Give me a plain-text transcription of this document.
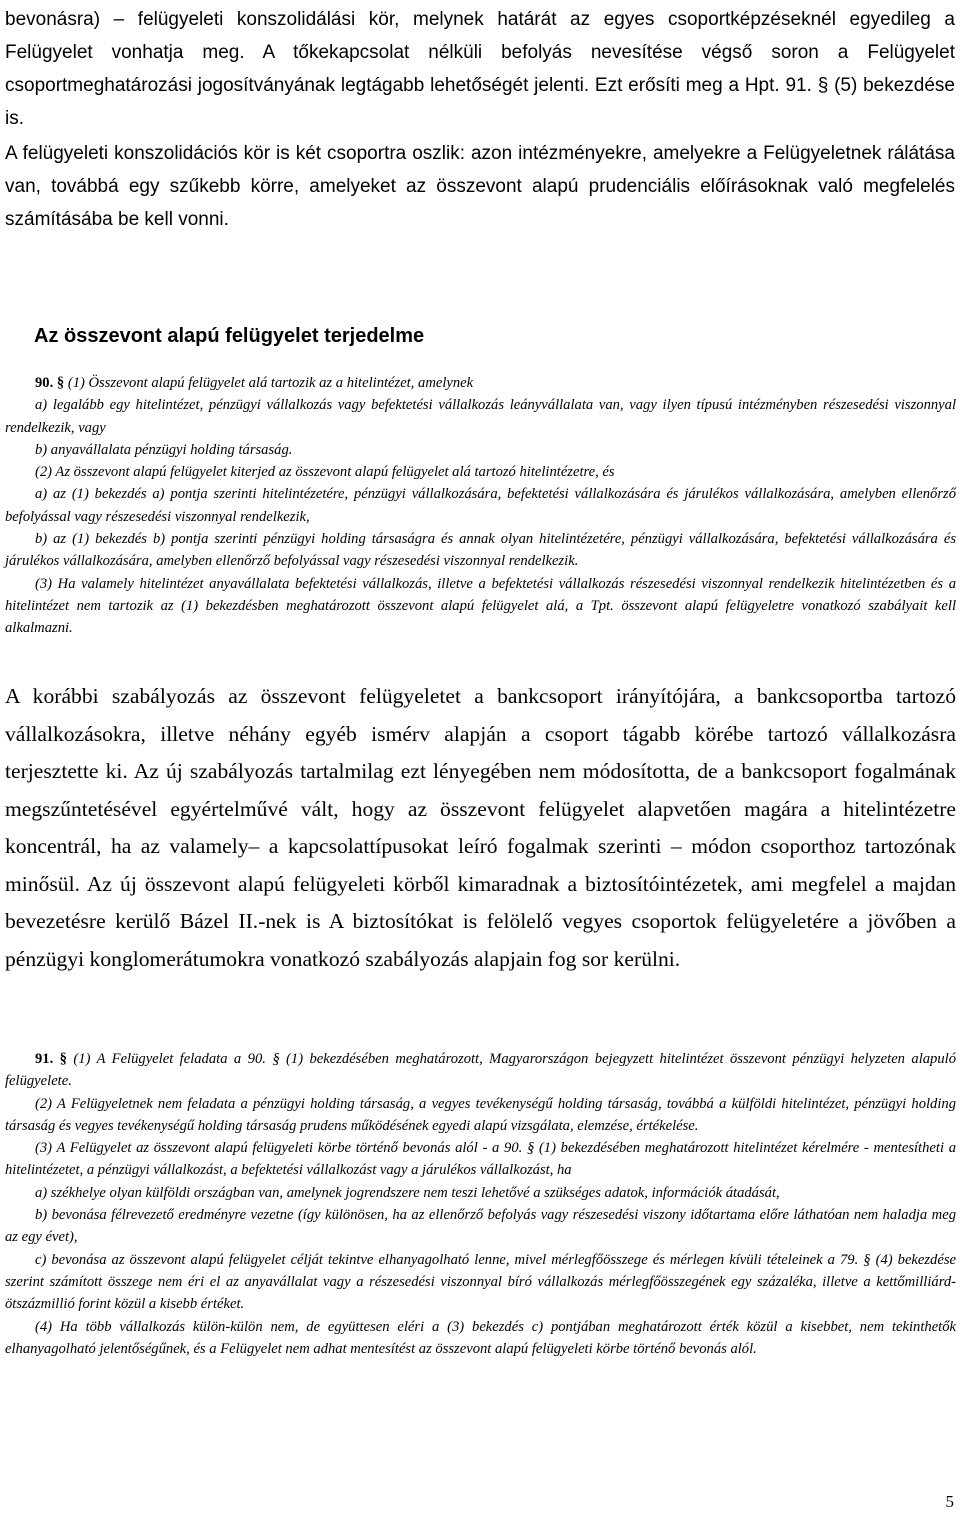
bevonásra) – felügyeleti konszolidálási kör, melynek határát az egyes csoportképzéseknél egyedileg a Felügyelet vonhatja meg. A tőkekapcsolat nélküli befolyás nevesítése végső soron a Felügyelet csoportmeghatározási jogosítványának legtágabb lehetőségét jelenti. Ezt erősíti meg a Hpt. 91. § (5) bekezdése is.

A felügyeleti konszolidációs kör is két csoportra oszlik: azon intézményekre, amelyekre a Felügyeletnek rálátása van, továbbá egy szűkebb körre, amelyeket az összevont alapú prudenciális előírásoknak való megfelelés számításába be kell vonni.

Az összevont alapú felügyelet terjedelme

90. § (1) Összevont alapú felügyelet alá tartozik az a hitelintézet, amelynek

a) legalább egy hitelintézet, pénzügyi vállalkozás vagy befektetési vállalkozás leányvállalata van, vagy ilyen típusú intézményben részesedési viszonnyal rendelkezik, vagy

b) anyavállalata pénzügyi holding társaság.

(2) Az összevont alapú felügyelet kiterjed az összevont alapú felügyelet alá tartozó hitelintézetre, és

a) az (1) bekezdés a) pontja szerinti hitelintézetére, pénzügyi vállalkozására, befektetési vállalkozására és járulékos vállalkozására, amelyben ellenőrző befolyással vagy részesedési viszonnyal rendelkezik,

b) az (1) bekezdés b) pontja szerinti pénzügyi holding társaságra és annak olyan hitelintézetére, pénzügyi vállalkozására, befektetési vállalkozására és járulékos vállalkozására, amelyben ellenőrző befolyással vagy részesedési viszonnyal rendelkezik.

(3) Ha valamely hitelintézet anyavállalata befektetési vállalkozás, illetve a befektetési vállalkozás részesedési viszonnyal rendelkezik hitelintézetben és a hitelintézet nem tartozik az (1) bekezdésben meghatározott összevont alapú felügyelet alá, a Tpt. összevont alapú felügyeletre vonatkozó szabályait kell alkalmazni.

A korábbi szabályozás az összevont felügyeletet a bankcsoport irányítójára, a bankcsoportba tartozó vállalkozásokra, illetve néhány egyéb ismérv alapján a csoport tágabb körébe tartozó vállalkozásra terjesztette ki. Az új szabályozás tartalmilag ezt lényegében nem módosította, de a bankcsoport fogalmának megszűntetésével egyértelművé vált, hogy az összevont felügyelet alapvetően magára a hitelintézetre koncentrál, ha az valamely– a kapcsolattípusokat leíró fogalmak szerinti – módon csoporthoz tartozónak minősül. Az új összevont alapú felügyeleti körből kimaradnak a biztosítóintézetek, ami megfelel a majdan bevezetésre kerülő Bázel II.-nek is A biztosítókat is felölelő vegyes csoportok felügyeletére a jövőben a pénzügyi konglomerátumokra vonatkozó szabályozás alapjain fog sor kerülni.

91. § (1) A Felügyelet feladata a 90. § (1) bekezdésében meghatározott, Magyarországon bejegyzett hitelintézet összevont pénzügyi helyzeten alapuló felügyelete.

(2) A Felügyeletnek nem feladata a pénzügyi holding társaság, a vegyes tevékenységű holding társaság, továbbá a külföldi hitelintézet, pénzügyi holding társaság és vegyes tevékenységű holding társaság prudens működésének egyedi alapú vizsgálata, elemzése, értékelése.

(3) A Felügyelet az összevont alapú felügyeleti körbe történő bevonás alól - a 90. § (1) bekezdésében meghatározott hitelintézet kérelmére - mentesítheti a hitelintézetet, a pénzügyi vállalkozást, a befektetési vállalkozást vagy a járulékos vállalkozást, ha

a) székhelye olyan külföldi országban van, amelynek jogrendszere nem teszi lehetővé a szükséges adatok, információk átadását,

b) bevonása félrevezető eredményre vezetne (így különösen, ha az ellenőrző befolyás vagy részesedési viszony időtartama előre láthatóan nem haladja meg az egy évet),

c) bevonása az összevont alapú felügyelet célját tekintve elhanyagolható lenne, mivel mérlegfőösszege és mérlegen kívüli tételeinek a 79. § (4) bekezdése szerint számított összege nem éri el az anyavállalat vagy a részesedési viszonnyal bíró vállalkozás mérlegfőösszegének egy százaléka, illetve a kettőmilliárd-ötszázmillió forint közül a kisebb értéket.

(4) Ha több vállalkozás külön-külön nem, de együttesen eléri a (3) bekezdés c) pontjában meghatározott érték közül a kisebbet, nem tekinthetők elhanyagolható jelentőségűnek, és a Felügyelet nem adhat mentesítést az összevont alapú felügyeleti körbe történő bevonás alól.

5
